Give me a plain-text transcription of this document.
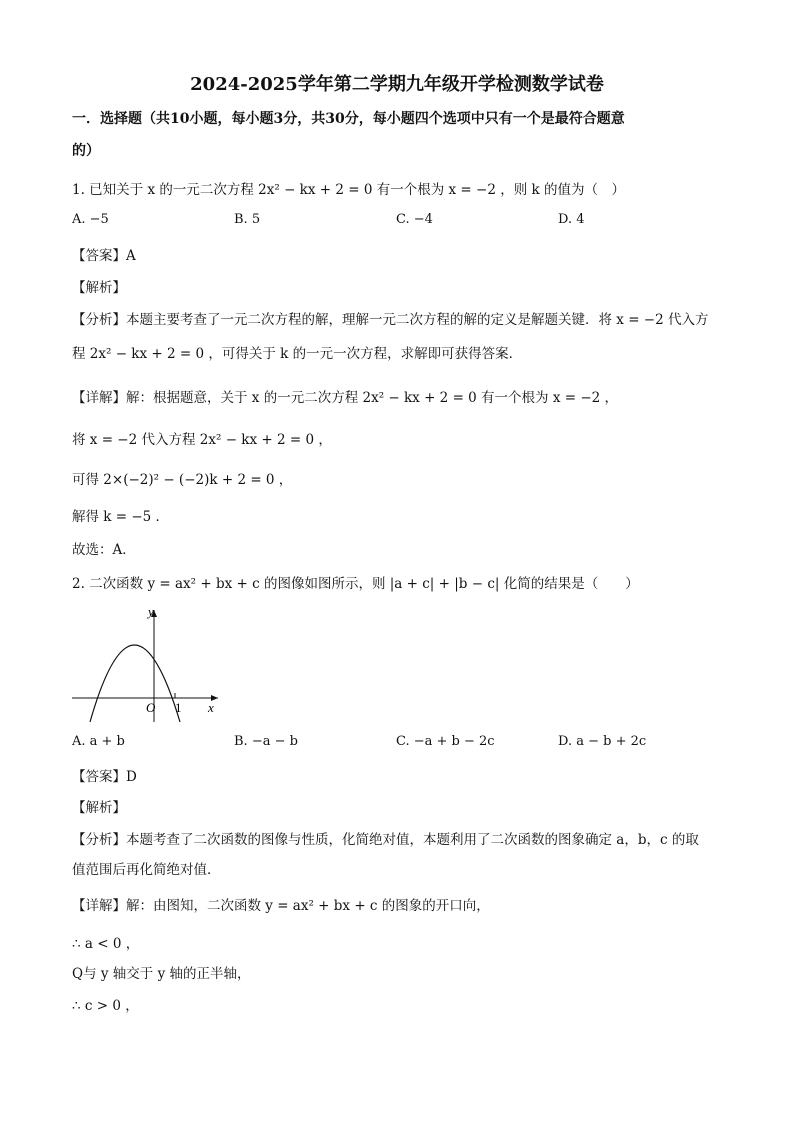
2024-2025学年第二学期九年级开学检测数学试卷
一．选择题（共10小题，每小题3分，共30分，每小题四个选项中只有一个是最符合题意
的）
1. 已知关于 x 的一元二次方程 2x² − kx + 2 = 0 有一个根为 x = −2 ，则 k 的值为（　）
A. −5	B. 5	C. −4	D. 4
【答案】A
【解析】
【分析】本题主要考查了一元二次方程的解，理解一元二次方程的解的定义是解题关键．将 x = −2 代入方
程 2x² − kx + 2 = 0 ，可得关于 k 的一元一次方程，求解即可获得答案．
【详解】解：根据题意，关于 x 的一元二次方程 2x² − kx + 2 = 0 有一个根为 x = −2 ，
将 x = −2 代入方程 2x² − kx + 2 = 0 ，
可得 2×(−2)² − (−2)k + 2 = 0 ，
解得 k = −5 ．
故选：A．
2. 二次函数 y = ax² + bx + c 的图像如图所示，则 |a + c| + |b − c| 化简的结果是（　　）
y
x
O 1
A. a + b	B. −a − b	C. −a + b − 2c	D. a − b + 2c
【答案】D
【解析】
【分析】本题考查了二次函数的图像与性质，化简绝对值，本题利用了二次函数的图象确定 a，b，c 的取
值范围后再化简绝对值．
【详解】解：由图知，二次函数 y = ax² + bx + c 的图象的开口向，
∴ a < 0 ，
Q与 y 轴交于 y 轴的正半轴，
∴ c > 0 ，
